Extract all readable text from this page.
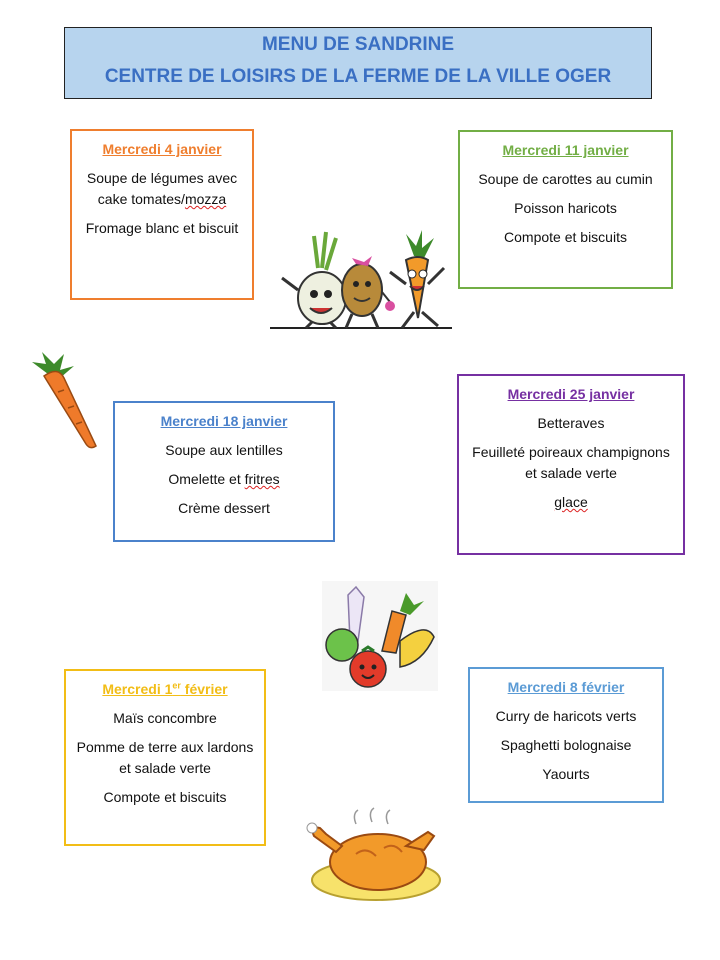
MENU DE SANDRINE
CENTRE DE LOISIRS DE LA FERME DE LA VILLE OGER
Mercredi 4 janvier
Soupe de légumes avec cake tomates/mozza
Fromage blanc et biscuit
Mercredi 11 janvier
Soupe de carottes au cumin
Poisson haricots
Compote et biscuits
Mercredi 18 janvier
Soupe aux lentilles
Omelette et fritres
Crème dessert
Mercredi 25 janvier
Betteraves
Feuilleté poireaux champignons et salade verte
glace
Mercredi 1er février
Maïs concombre
Pomme de terre aux lardons et salade verte
Compote et biscuits
Mercredi 8 février
Curry de haricots verts
Spaghetti bolognaise
Yaourts
